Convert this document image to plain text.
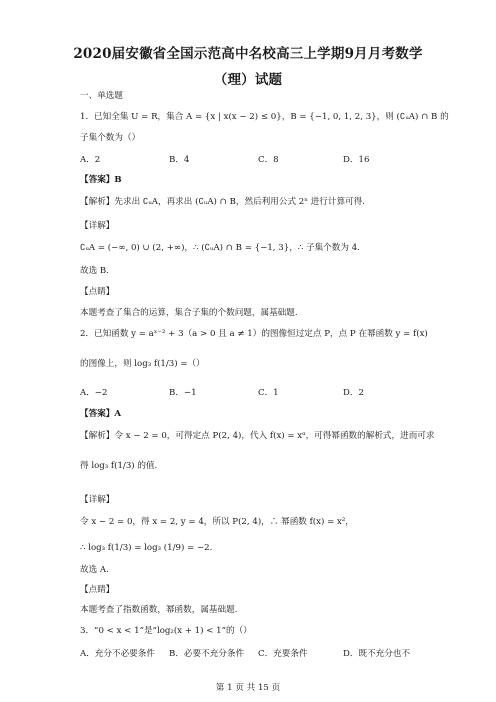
2020届安徽省全国示范高中名校高三上学期9月月考数学
（理）试题
一、单选题
1．已知全集 U = R，集合 A = {x | x(x − 2) ≤ 0}，B = {−1, 0, 1, 2, 3}，则 (∁ᵤA) ∩ B 的
子集个数为（）
A．2	B．4	C．8	D．16
【答案】B
【解析】先求出 ∁ᵤA，再求出 (∁ᵤA) ∩ B，然后利用公式 2ⁿ 进行计算可得.
【详解】
∁ᵤA = (−∞, 0) ∪ (2, +∞)，∴ (∁ᵤA) ∩ B = {−1, 3}，∴ 子集个数为 4.
故选 B.
【点睛】
本题考查了集合的运算，集合子集的个数问题，属基础题.
2．已知函数 y = aˣ⁻² + 3（a > 0 且 a ≠ 1）的图像恒过定点 P，点 P 在幂函数 y = f(x)
的图像上，则 log₃ f(1/3) =（）
A．−2	B．−1	C．1	D．2
【答案】A
【解析】令 x − 2 = 0，可得定点 P(2, 4)，代入 f(x) = xᵅ，可得幂函数的解析式，进而可求
得 log₃ f(1/3) 的值.
【详解】
令 x − 2 = 0，得 x = 2, y = 4，所以 P(2, 4)，∴ 幂函数 f(x) = x²，
∴ log₃ f(1/3) = log₃ (1/9) = −2.
故选 A.
【点睛】
本题考查了指数函数，幂函数，属基础题.
3．“0 < x < 1”是“log₂(x + 1) < 1”的（）
A．充分不必要条件 B．必要不充分条件 C．充要条件	D．既不充分也不
第 1 页 共 15 页
